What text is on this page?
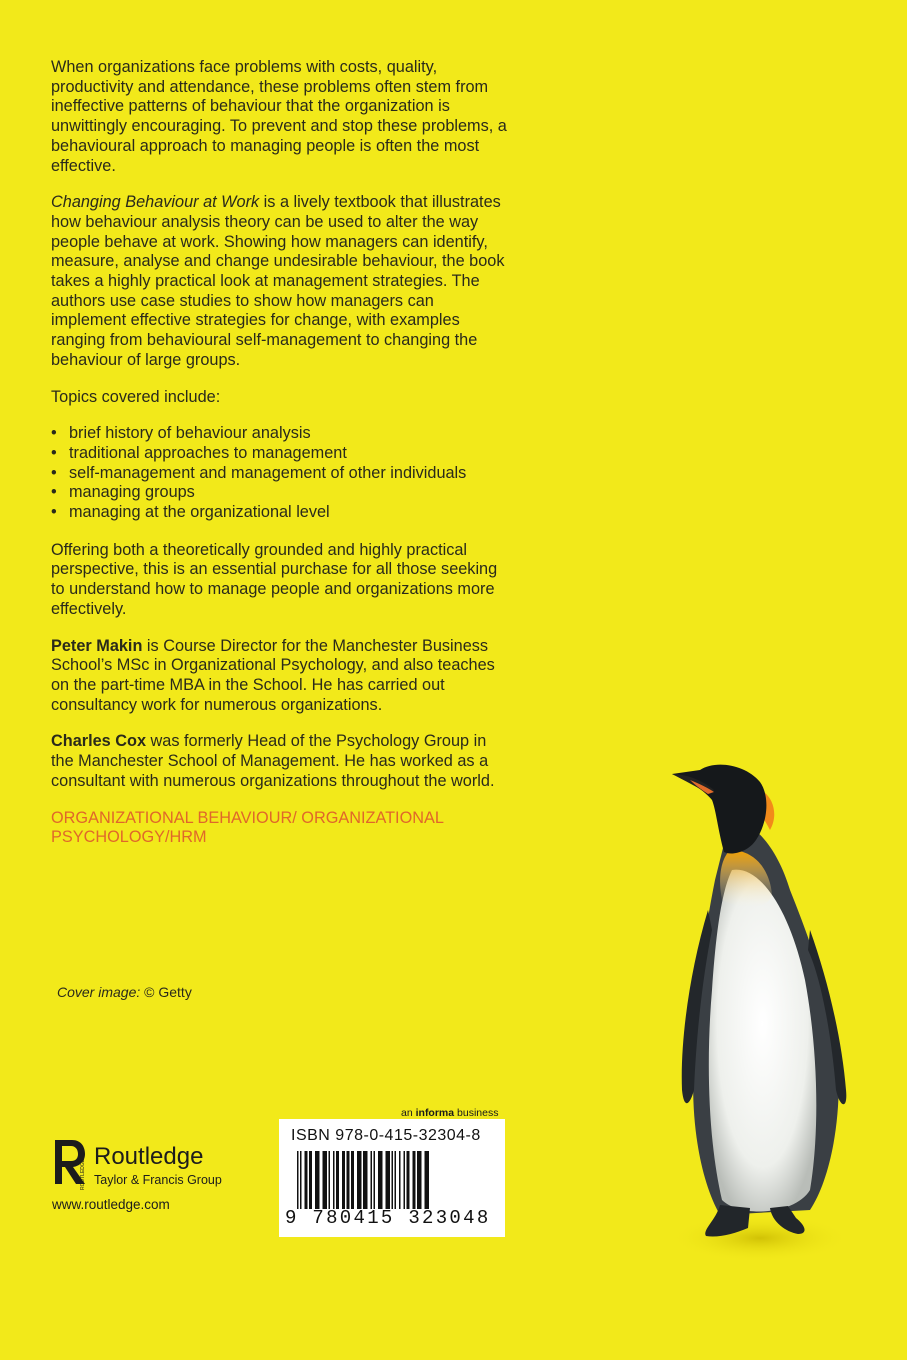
When organizations face problems with costs, quality, productivity and attendance, these problems often stem from ineffective patterns of behaviour that the organization is unwittingly encouraging. To prevent and stop these problems, a behavioural approach to managing people is often the most effective.

Changing Behaviour at Work is a lively textbook that illustrates how behaviour analysis theory can be used to alter the way people behave at work. Showing how managers can identify, measure, analyse and change undesirable behaviour, the book takes a highly practical look at management strategies. The authors use case studies to show how managers can implement effective strategies for change, with examples ranging from behavioural self-management to changing the behaviour of large groups.

Topics covered include:

• brief history of behaviour analysis
• traditional approaches to management
• self-management and management of other individuals
• managing groups
• managing at the organizational level

Offering both a theoretically grounded and highly practical perspective, this is an essential purchase for all those seeking to understand how to manage people and organizations more effectively.

Peter Makin is Course Director for the Manchester Business School’s MSc in Organizational Psychology, and also teaches on the part-time MBA in the School. He has carried out consultancy work for numerous organizations.

Charles Cox was formerly Head of the Psychology Group in the Manchester School of Management. He has worked as a consultant with numerous organizations throughout the world.

ORGANIZATIONAL BEHAVIOUR/ ORGANIZATIONAL PSYCHOLOGY/HRM

Cover image: © Getty
an informa business
ISBN 978-0-415-32304-8
9 780415 323048
ROUTLEDGE
Routledge
Taylor & Francis Group
www.routledge.com
